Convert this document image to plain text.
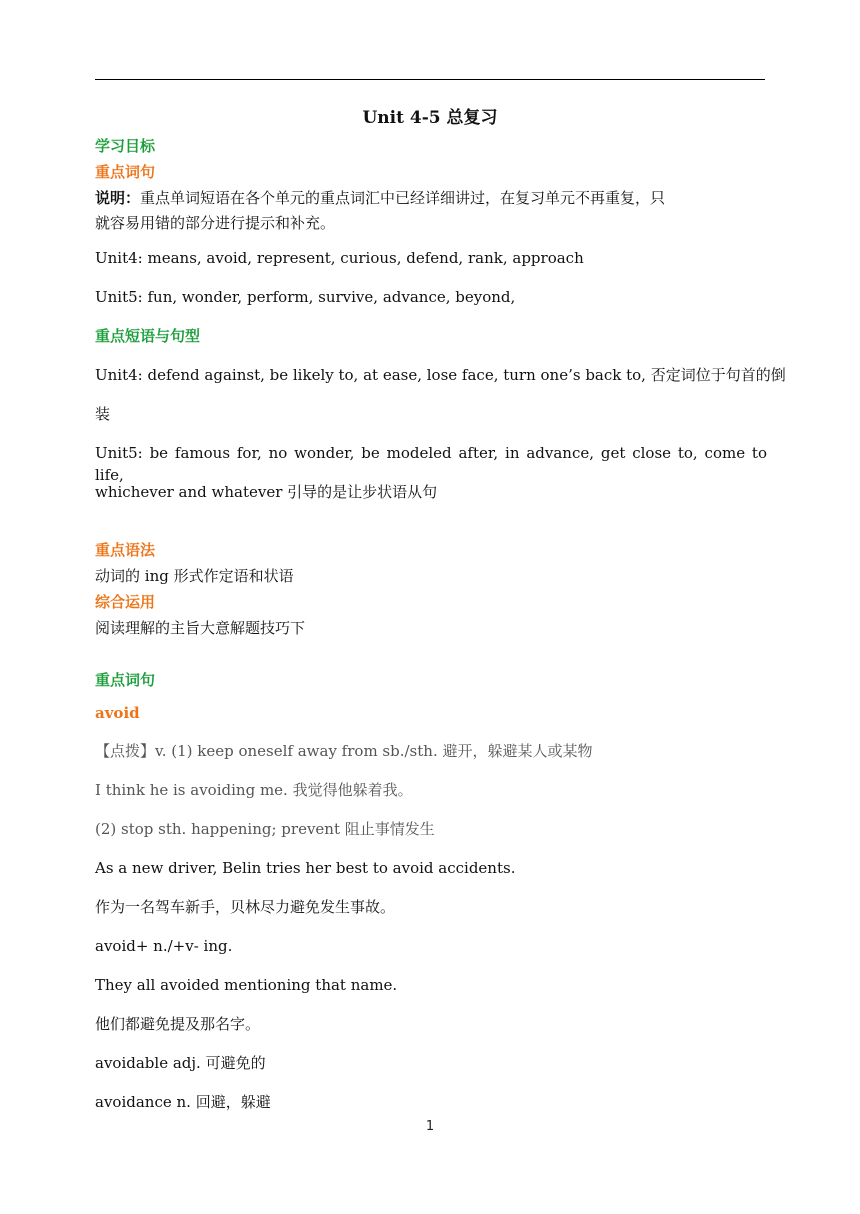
Unit 4-5 总复习
学习目标
重点词句
说明：重点单词短语在各个单元的重点词汇中已经详细讲过，在复习单元不再重复，只
就容易用错的部分进行提示和补充。
Unit4: means, avoid, represent, curious, defend, rank, approach
Unit5: fun, wonder, perform, survive, advance, beyond,
重点短语与句型
Unit4: defend against, be likely to, at ease, lose face, turn one’s back to, 否定词位于句首的倒
装
Unit5: be famous for, no wonder, be modeled after, in advance, get close to, come to life,
whichever and whatever 引导的是让步状语从句
重点语法
动词的 ing 形式作定语和状语
综合运用
阅读理解的主旨大意解题技巧下
重点词句
avoid
【点拨】v. (1) keep oneself away from sb./sth. 避开，躲避某人或某物
I think he is avoiding me. 我觉得他躲着我。
(2) stop sth. happening; prevent 阻止事情发生
As a new driver, Belin tries her best to avoid accidents.
作为一名驾车新手，贝林尽力避免发生事故。
avoid+ n./+v- ing.
They all avoided mentioning that name.
他们都避免提及那名字。
avoidable adj. 可避免的
avoidance n. 回避，躲避
1
